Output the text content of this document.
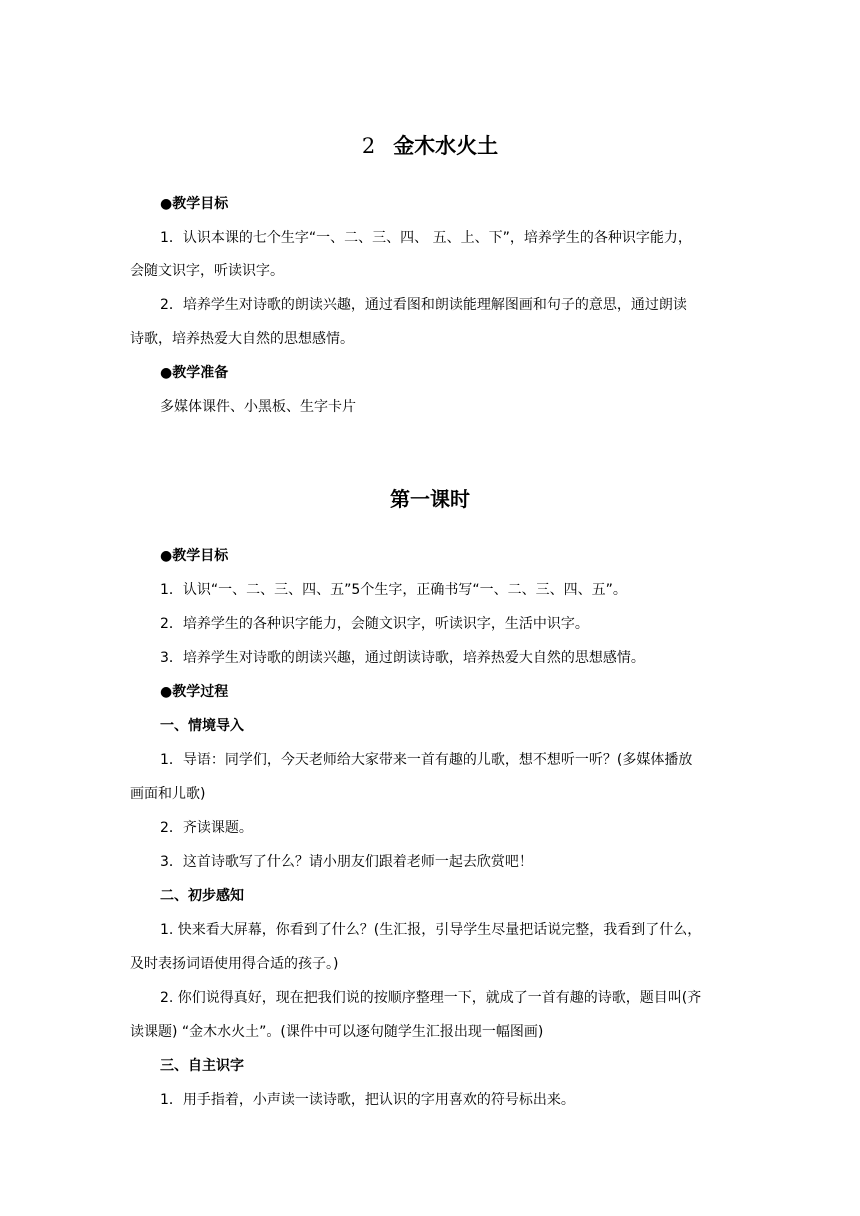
2 金木水火土

●教学目标

1．认识本课的七个生字“一、二、三、四、 五、上、下”，培养学生的各种识字能力，

会随文识字，听读识字。

2．培养学生对诗歌的朗读兴趣，通过看图和朗读能理解图画和句子的意思，通过朗读

诗歌，培养热爱大自然的思想感情。

●教学准备

多媒体课件、小黑板、生字卡片

第一课时

●教学目标

1．认识“一、二、三、四、五”5个生字，正确书写“一、二、三、四、五”。

2．培养学生的各种识字能力，会随文识字，听读识字，生活中识字。

3．培养学生对诗歌的朗读兴趣，通过朗读诗歌，培养热爱大自然的思想感情。

●教学过程

一、情境导入

1．导语：同学们，今天老师给大家带来一首有趣的儿歌，想不想听一听？(多媒体播放

画面和儿歌)

2．齐读课题。

3．这首诗歌写了什么？请小朋友们跟着老师一起去欣赏吧！

二、初步感知

1. 快来看大屏幕，你看到了什么？(生汇报，引导学生尽量把话说完整，我看到了什么，

及时表扬词语使用得合适的孩子。)

2. 你们说得真好，现在把我们说的按顺序整理一下，就成了一首有趣的诗歌，题目叫(齐

读课题) “金木水火土”。(课件中可以逐句随学生汇报出现一幅图画)

三、自主识字

1．用手指着，小声读一读诗歌，把认识的字用喜欢的符号标出来。
